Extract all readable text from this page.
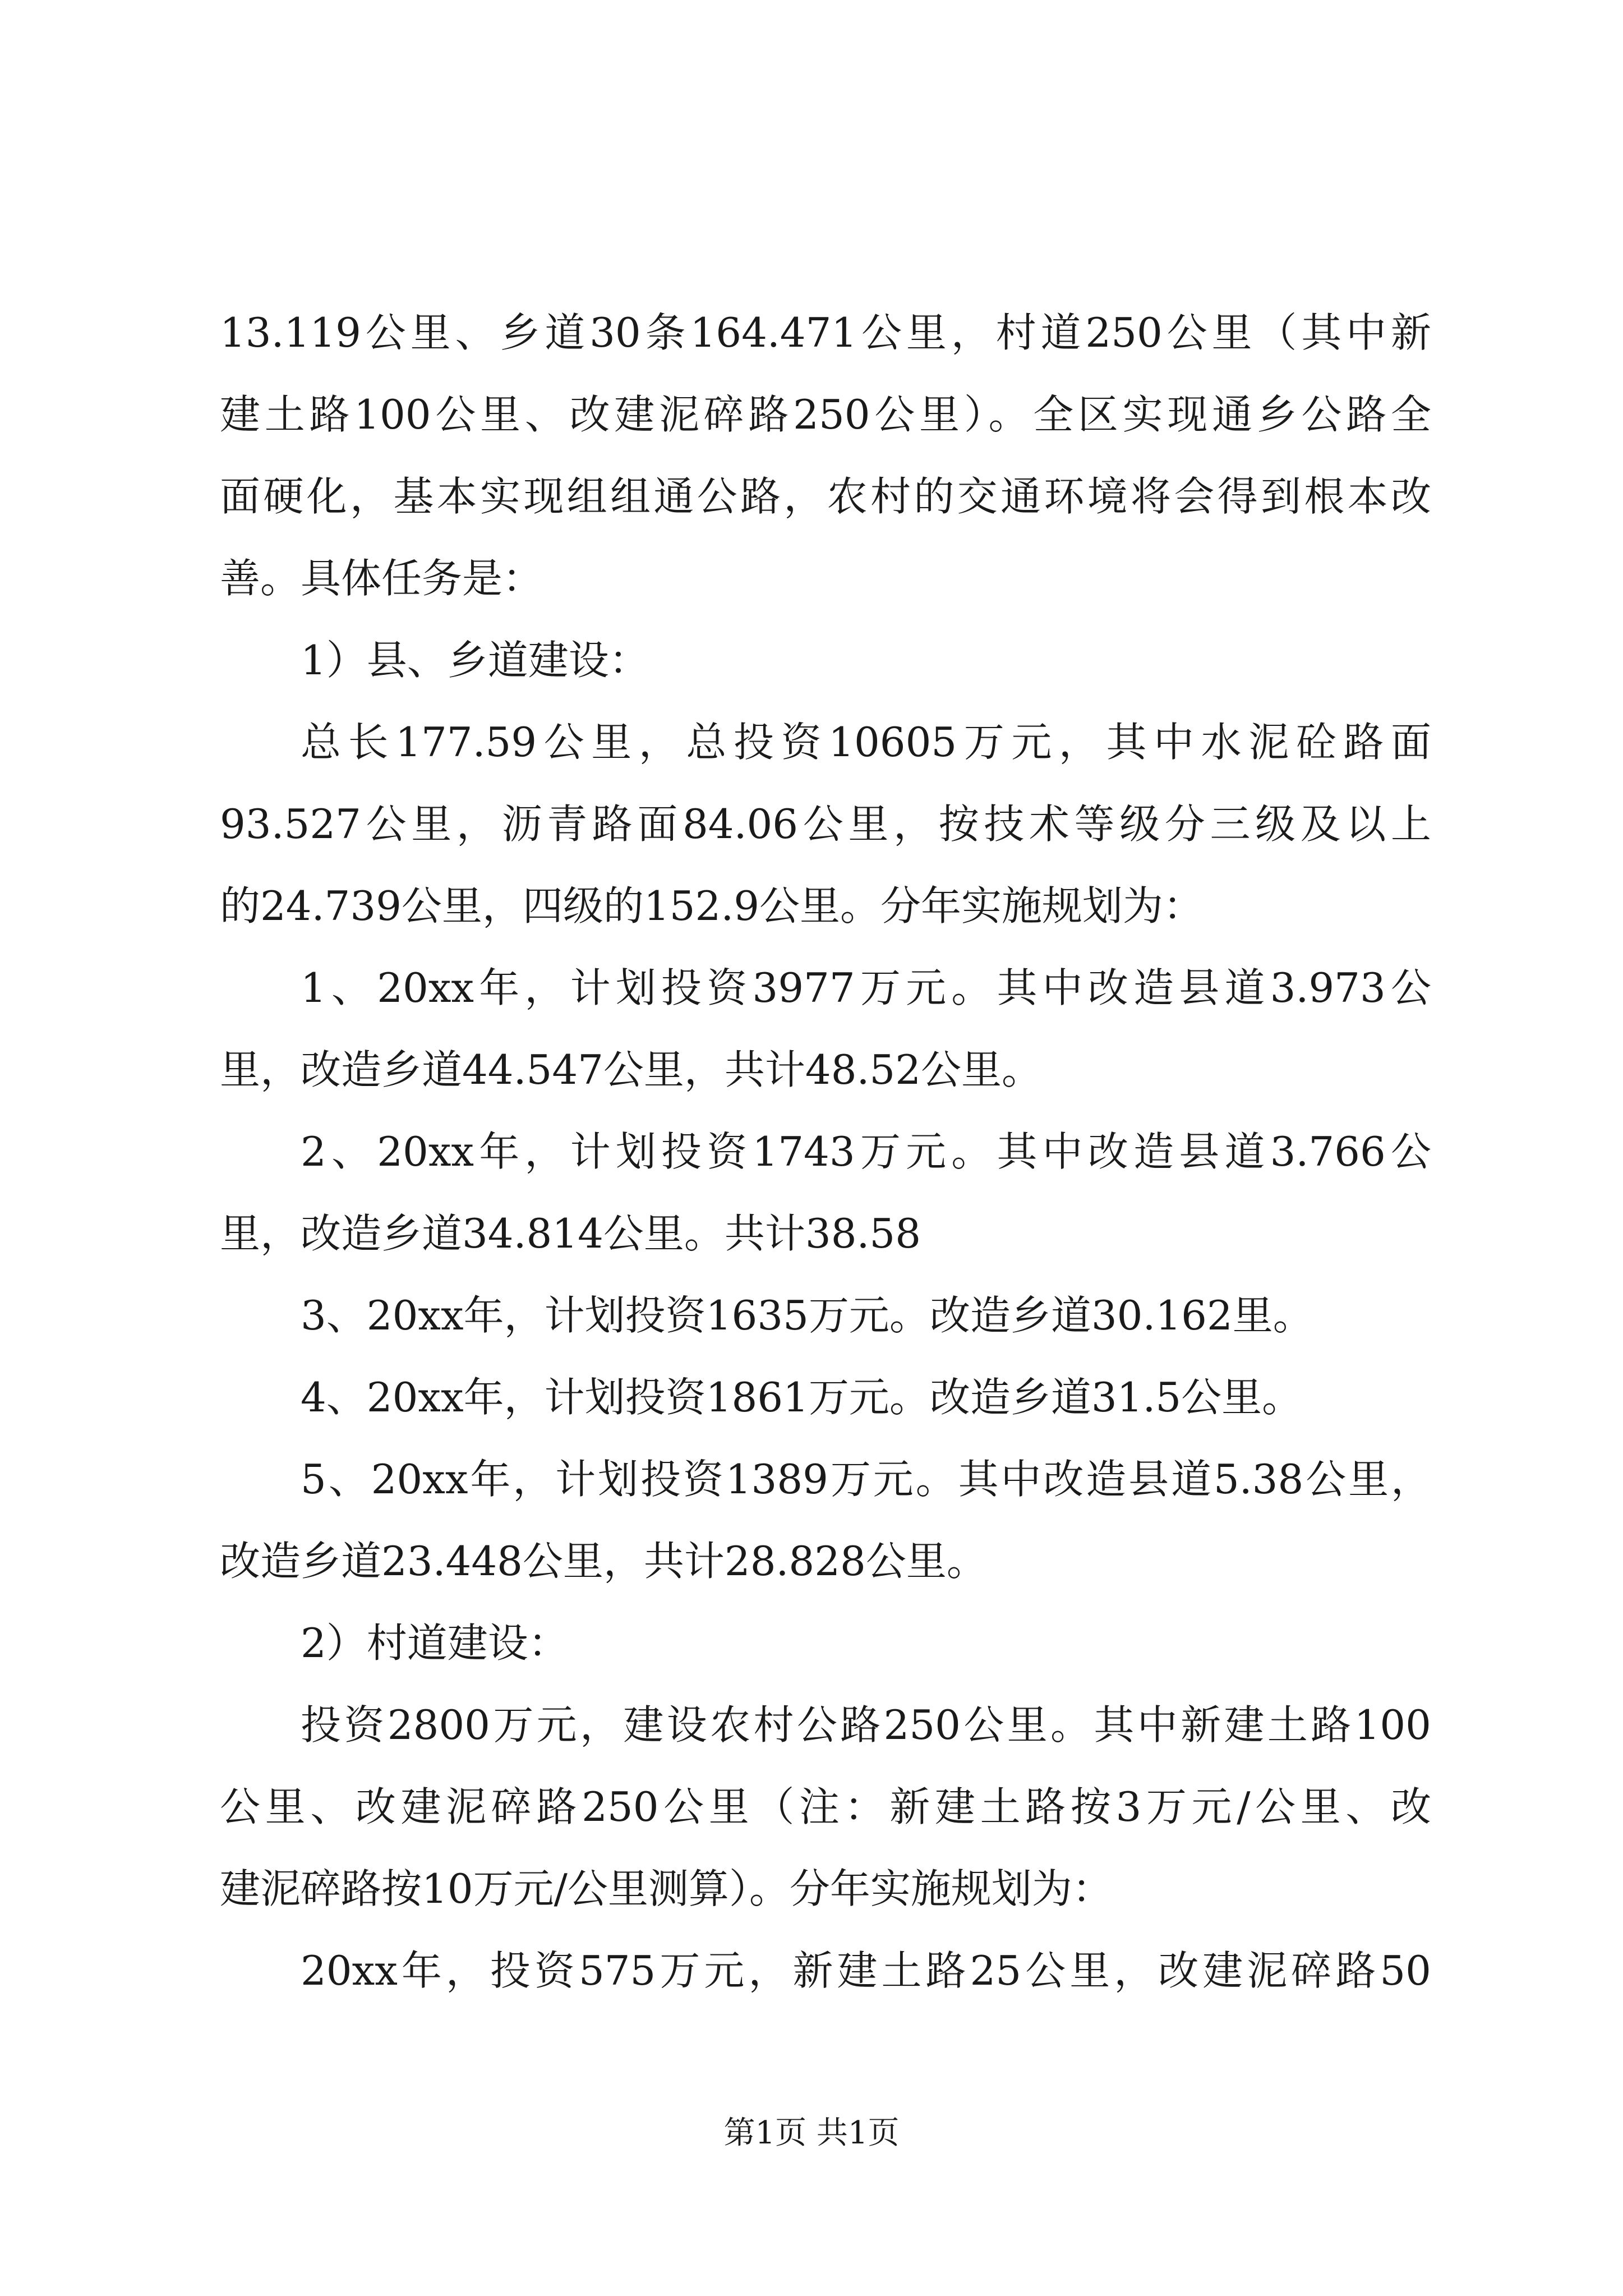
13.119公里、乡道30条164.471公里，村道250公里（其中新

建土路100公里、改建泥碎路250公里）。全区实现通乡公路全

面硬化，基本实现组组通公路，农村的交通环境将会得到根本改

善。具体任务是：

1）县、乡道建设：

总长177.59公里，总投资10605万元，其中水泥砼路面

93.527公里，沥青路面84.06公里，按技术等级分三级及以上

的24.739公里，四级的152.9公里。分年实施规划为：

1、20xx年，计划投资3977万元。其中改造县道3.973公

里，改造乡道44.547公里，共计48.52公里。

2、20xx年，计划投资1743万元。其中改造县道3.766公

里，改造乡道34.814公里。共计38.58

3、20xx年，计划投资1635万元。改造乡道30.162里。

4、20xx年，计划投资1861万元。改造乡道31.5公里。

5、20xx年，计划投资1389万元。其中改造县道5.38公里，

改造乡道23.448公里，共计28.828公里。

2）村道建设：

投资2800万元，建设农村公路250公里。其中新建土路100

公里、改建泥碎路250公里（注：新建土路按3万元/公里、改

建泥碎路按10万元/公里测算）。分年实施规划为：

20xx年，投资575万元，新建土路25公里，改建泥碎路50

第1页 共1页
